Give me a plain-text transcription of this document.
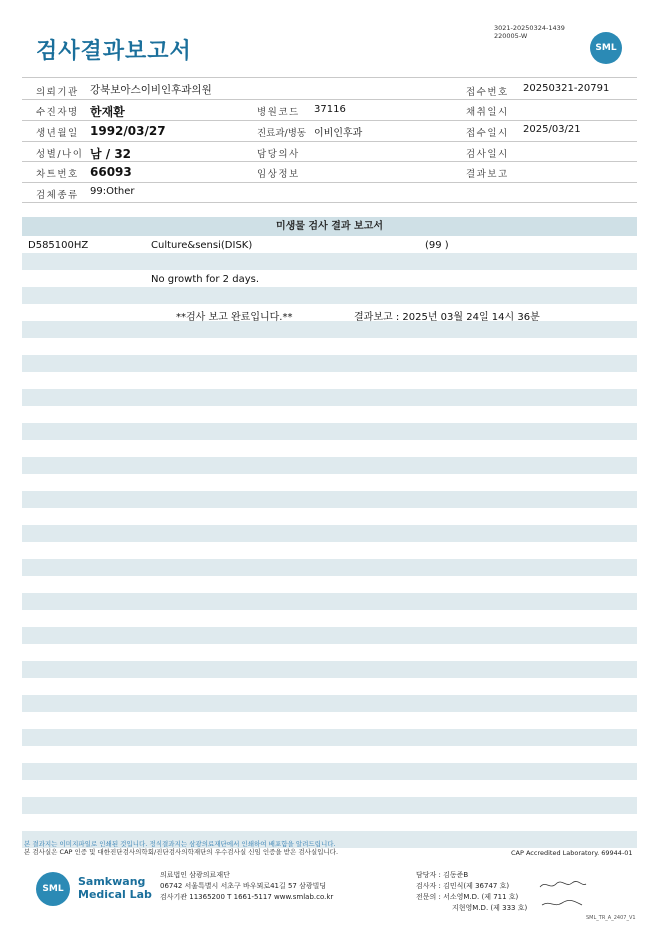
검사결과보고서
3021-20250324-1439
220005-W
SML
의뢰기관 강북보아스이비인후과의원	접수번호 20250321-20791
수진자명 한재환	병원코드 37116	채취일시
생년월일 1992/03/27	진료과/병동 이비인후과	접수일시 2025/03/21
성별/나이 남 / 32	담당의사	검사일시
차트번호 66093	임상정보	결과보고
검체종류 99:Other
미생물 검사 결과 보고서
D585100HZ	Culture&sensi(DISK)	(99 )
No growth for 2 days.
**검사 보고 완료입니다.**	결과보고 : 2025년 03월 24일 14시 36분
본 결과지는 이미지파일로 인쇄된 것입니다. 정식결과지는 삼광의료재단에서 인쇄하여 배포함을 알려드립니다.
본 검사실은 CAP 인증 및 대한진단검사의학회/진단검사의학재단의 우수검사실 신임 인증을 받은 검사실입니다.	CAP Accredited Laboratory. 69944-01
SML
Samkwang
Medical Lab
의료법인 삼광의료재단
06742 서울특별시 서초구 바우뫼로41길 57 삼광빌딩
검사기관 11365200 T 1661-5117 www.smlab.co.kr
담당자 : 김동준B
검사자 : 김민식(제 36747 호)
전문의 : 서소영M.D. (제 711 호)
지현영M.D. (제 333 호)
SML_TR_A_2407_V1
